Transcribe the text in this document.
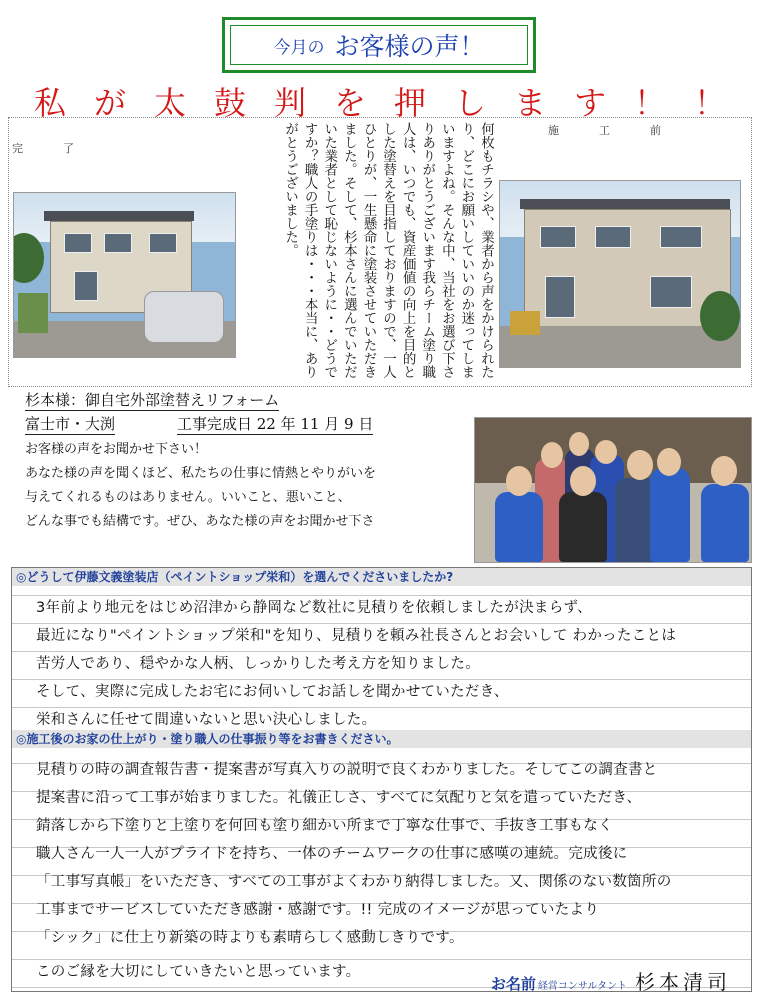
今月の お客様の声！
私が太鼓判を押します！！
完了
施工前
何枚もチラシや、業者から声をかけられたり、どこにお願いしていいのか迷ってしまいますよね。そんな中、当社をお選び下さりありがとうございます我らチーム塗り職人は、いつでも、資産価値の向上を目的とした塗替えを目指しておりますので、一人ひとりが、一生懸命に塗装させていただきました。そして、杉本さんに選んでいただいた業者として恥じないように・・どうですか？職人の手塗りは・・・本当に、ありがとうございました。
杉本様：御自宅外部塗替えリフォーム
富士市・大渕	工事完成日 22 年 11 月 9 日
お客様の声をお聞かせ下さい！
あなた様の声を聞くほど、私たちの仕事に情熱とやりがいを
与えてくれるものはありません。いいこと、悪いこと、
どんな事でも結構です。ぜひ、あなた様の声をお聞かせ下さ
◎どうして伊藤文義塗装店（ペイントショップ栄和）を選んでくださいましたか?
3年前より地元をはじめ沼津から静岡など数社に見積りを依頼しましたが決まらず、
最近になり"ペイントショップ栄和"を知り、見積りを頼み社長さんとお会いして わかったことは
苦労人であり、穏やかな人柄、しっかりした考え方を知りました。
そして、実際に完成したお宅にお伺いしてお話しを聞かせていただき、
栄和さんに任せて間違いないと思い決心しました。
◎施工後のお家の仕上がり・塗り職人の仕事振り等をお書きください。
見積りの時の調査報告書・提案書が写真入りの説明で良くわかりました。そしてこの調査書と
提案書に沿って工事が始まりました。礼儀正しさ、すべてに気配りと気を遣っていただき、
錆落しから下塗りと上塗りを何回も塗り細かい所まで丁寧な仕事で、手抜き工事もなく
職人さん一人一人がプライドを持ち、一体のチームワークの仕事に感嘆の連続。完成後に
「工事写真帳」をいただき、すべての工事がよくわかり納得しました。又、関係のない数箇所の
工事までサービスしていただき感謝・感謝です。!! 完成のイメージが思っていたより
「シック」に仕上り新築の時よりも素晴らしく感動しきりです。
このご縁を大切にしていきたいと思っています。
お名前 経営コンサルタント 杉本清司
